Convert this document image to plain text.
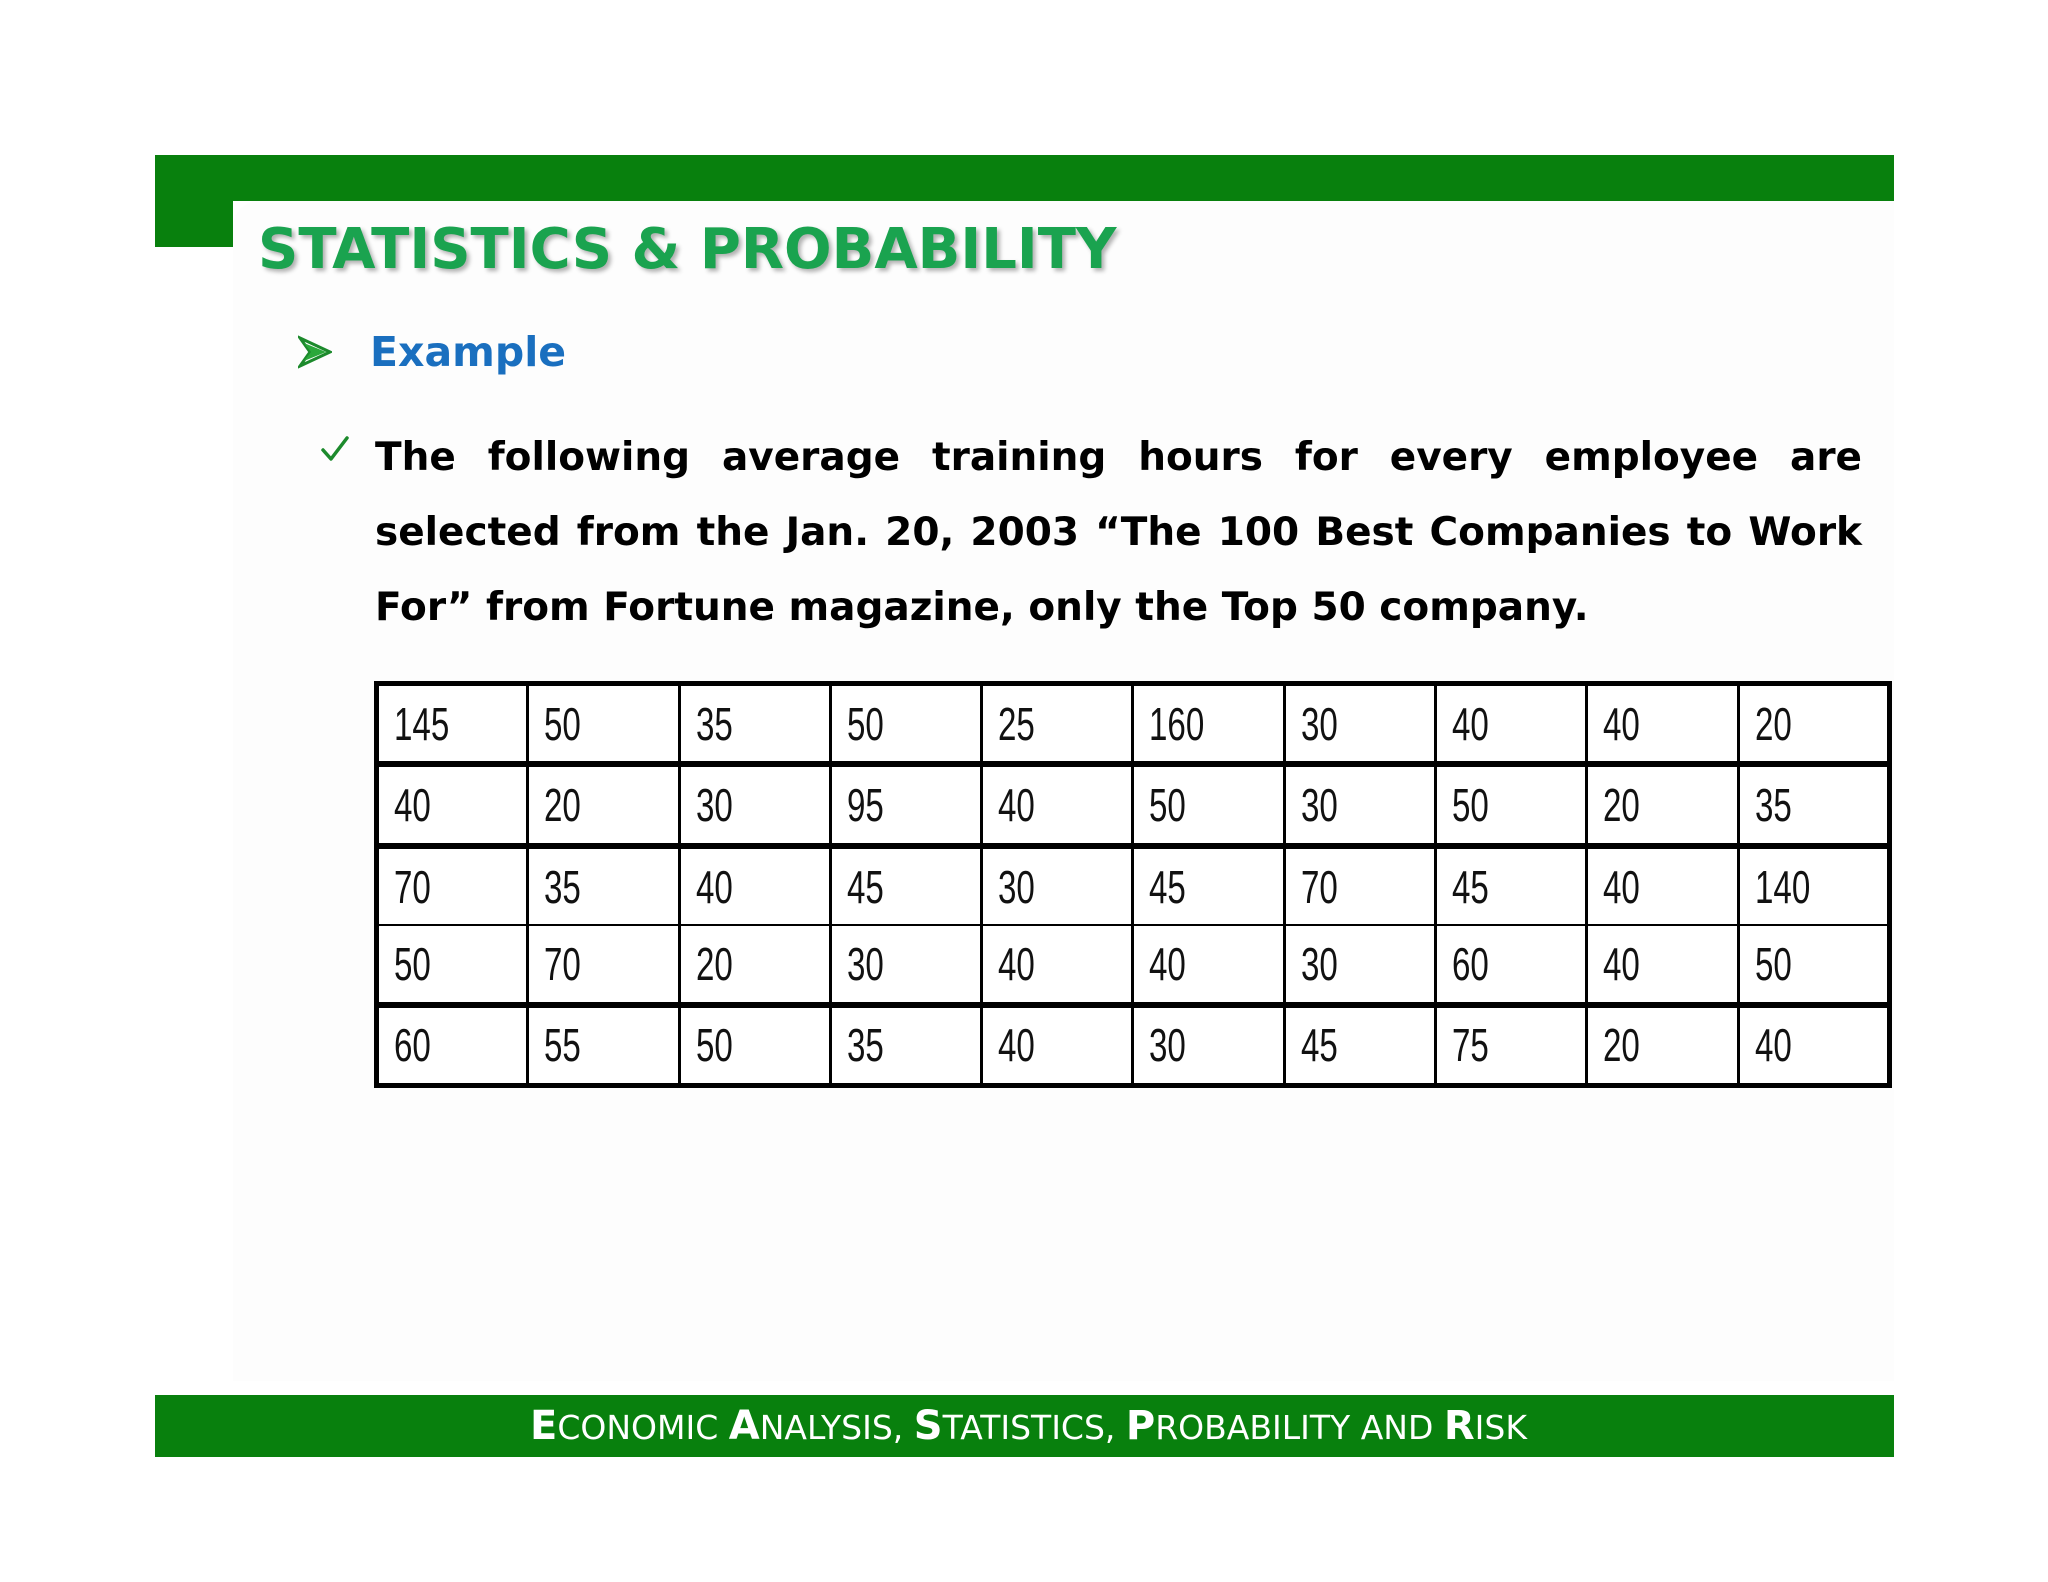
STATISTICS & PROBABILITY
Example

The following average training hours for every employee are selected from the Jan. 20, 2003 “The 100 Best Companies to Work For” from Fortune magazine, only the Top 50 company.

145	50	35	50	25	160	30	40	40	20
40	20	30	95	40	50	30	50	20	35
70	35	40	45	30	45	70	45	40	140
50	70	20	30	40	40	30	60	40	50
60	55	50	35	40	30	45	75	20	40
ECONOMIC ANALYSIS, STATISTICS, PROBABILITY AND RISK
